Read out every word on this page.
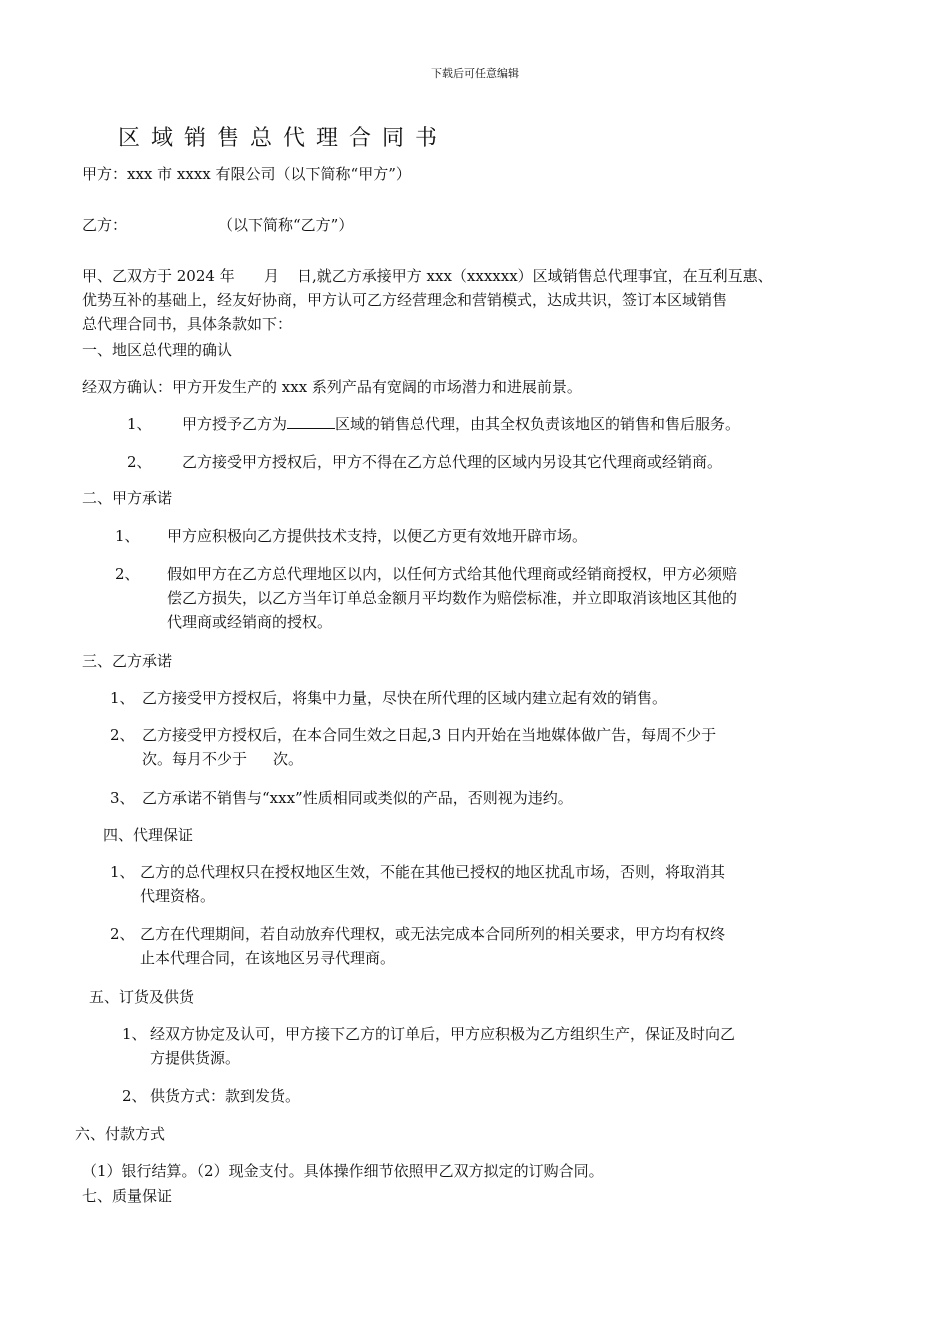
下载后可任意编辑
区域销售总代理合同书
甲方：xxx 市 xxxx 有限公司（以下简称“甲方”）
乙方：	（以下简称“乙方”）
甲、乙双方于 2024 年 月 日,就乙方承接甲方 xxx（xxxxxx）区域销售总代理事宜，在互利互惠、
优势互补的基础上，经友好协商，甲方认可乙方经营理念和营销模式，达成共识，签订本区域销售
总代理合同书，具体条款如下：
一、地区总代理的确认
经双方确认：甲方开发生产的 xxx 系列产品有宽阔的市场潜力和进展前景。
1、 甲方授予乙方为	区域的销售总代理，由其全权负责该地区的销售和售后服务。
2、 乙方接受甲方授权后，甲方不得在乙方总代理的区域内另设其它代理商或经销商。
二、甲方承诺
1、 甲方应积极向乙方提供技术支持，以便乙方更有效地开辟市场。
2、 假如甲方在乙方总代理地区以内，以任何方式给其他代理商或经销商授权，甲方必须赔
偿乙方损失，以乙方当年订单总金额月平均数作为赔偿标准，并立即取消该地区其他的
代理商或经销商的授权。
三、乙方承诺
1、 乙方接受甲方授权后，将集中力量，尽快在所代理的区域内建立起有效的销售。
2、 乙方接受甲方授权后，在本合同生效之日起,3 日内开始在当地媒体做广告，每周不少于
次。每月不少于 次。
3、 乙方承诺不销售与“xxx”性质相同或类似的产品，否则视为违约。
四、代理保证
1、 乙方的总代理权只在授权地区生效，不能在其他已授权的地区扰乱市场，否则，将取消其
代理资格。
2、 乙方在代理期间，若自动放弃代理权，或无法完成本合同所列的相关要求，甲方均有权终
止本代理合同，在该地区另寻代理商。
五、订货及供货
1、 经双方协定及认可，甲方接下乙方的订单后，甲方应积极为乙方组织生产，保证及时向乙
方提供货源。
2、 供货方式：款到发货。
六、付款方式
（1）银行结算。（2）现金支付。具体操作细节依照甲乙双方拟定的订购合同。
七、质量保证
